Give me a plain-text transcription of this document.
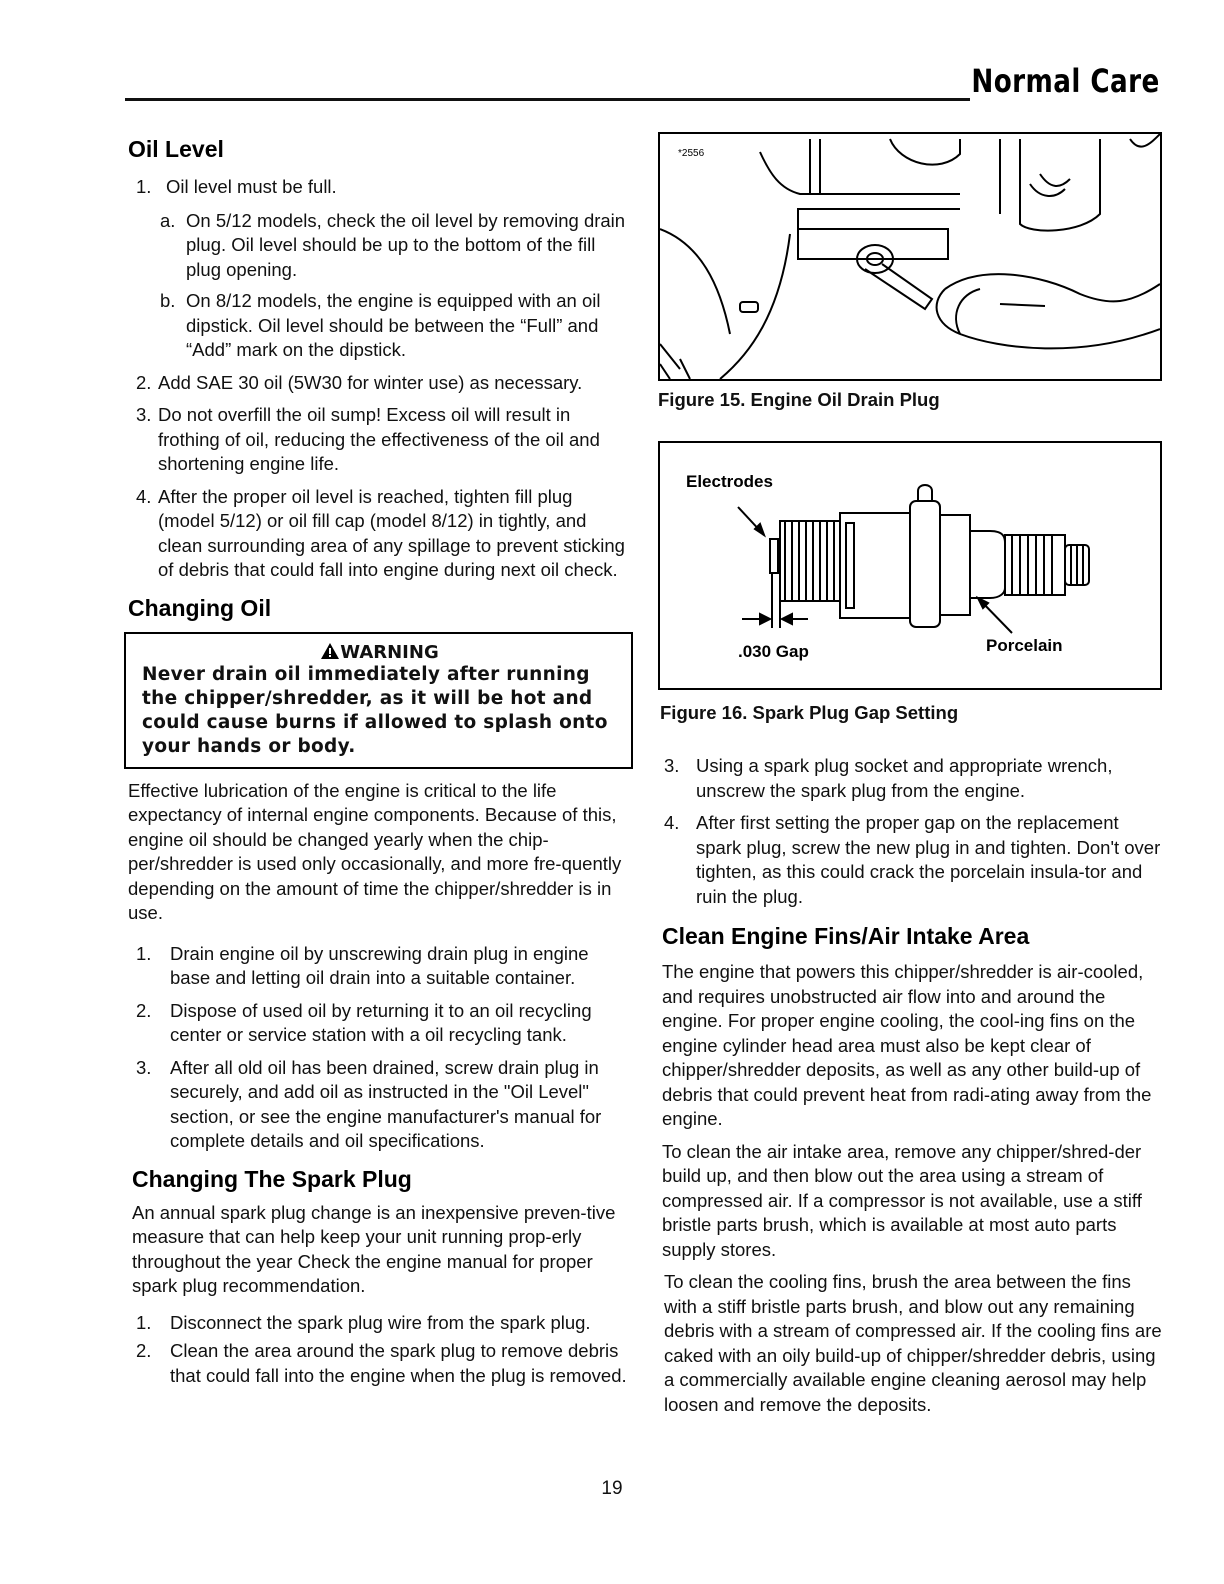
Normal Care
Oil Level
1. Oil level must be full.
a. On 5/12 models, check the oil level by removing drain plug. Oil level should be up to the bottom of the fill plug opening.
b. On 8/12 models, the engine is equipped with an oil dipstick. Oil level should be between the “Full” and “Add” mark on the dipstick.
2. Add SAE 30 oil (5W30 for winter use) as necessary.
3. Do not overfill the oil sump! Excess oil will result in frothing of oil, reducing the effectiveness of the oil and shortening engine life.
4. After the proper oil level is reached, tighten fill plug (model 5/12) or oil fill cap (model 8/12) in tightly, and clean surrounding area of any spillage to prevent sticking of debris that could fall into engine during next oil check.
Changing Oil
WARNING
Never drain oil immediately after running the chipper/shredder, as it will be hot and could cause burns if allowed to splash onto your hands or body.
Effective lubrication of the engine is critical to the life expectancy of internal engine components. Because of this, engine oil should be changed yearly when the chip-per/shredder is used only occasionally, and more fre-quently depending on the amount of time the chipper/shredder is in use.
1. Drain engine oil by unscrewing drain plug in engine base and letting oil drain into a suitable container.
2. Dispose of used oil by returning it to an oil recycling center or service station with a oil recycling tank.
3. After all old oil has been drained, screw drain plug in securely, and add oil as instructed in the "Oil Level" section, or see the engine manufacturer's manual for complete details and oil specifications.
Changing The Spark Plug
An annual spark plug change is an inexpensive preven-tive measure that can help keep your unit running prop-erly throughout the year Check the engine manual for proper spark plug recommendation.
1. Disconnect the spark plug wire from the spark plug.
2. Clean the area around the spark plug to remove debris that could fall into the engine when the plug is removed.
*2556
Figure 15. Engine Oil Drain Plug
Electrodes
.030 Gap	Porcelain
Figure 16. Spark Plug Gap Setting
3. Using a spark plug socket and appropriate wrench, unscrew the spark plug from the engine.
4. After first setting the proper gap on the replacement spark plug, screw the new plug in and tighten. Don't over tighten, as this could crack the porcelain insula-tor and ruin the plug.
Clean Engine Fins/Air Intake Area
The engine that powers this chipper/shredder is air-cooled, and requires unobstructed air flow into and around the engine. For proper engine cooling, the cool-ing fins on the engine cylinder head area must also be kept clear of chipper/shredder deposits, as well as any other build-up of debris that could prevent heat from radi-ating away from the engine.
To clean the air intake area, remove any chipper/shred-der build up, and then blow out the area using a stream of compressed air. If a compressor is not available, use a stiff bristle parts brush, which is available at most auto parts supply stores.
To clean the cooling fins, brush the area between the fins with a stiff bristle parts brush, and blow out any remaining debris with a stream of compressed air. If the cooling fins are caked with an oily build-up of chipper/shredder debris, using a commercially available engine cleaning aerosol may help loosen and remove the deposits.
19
